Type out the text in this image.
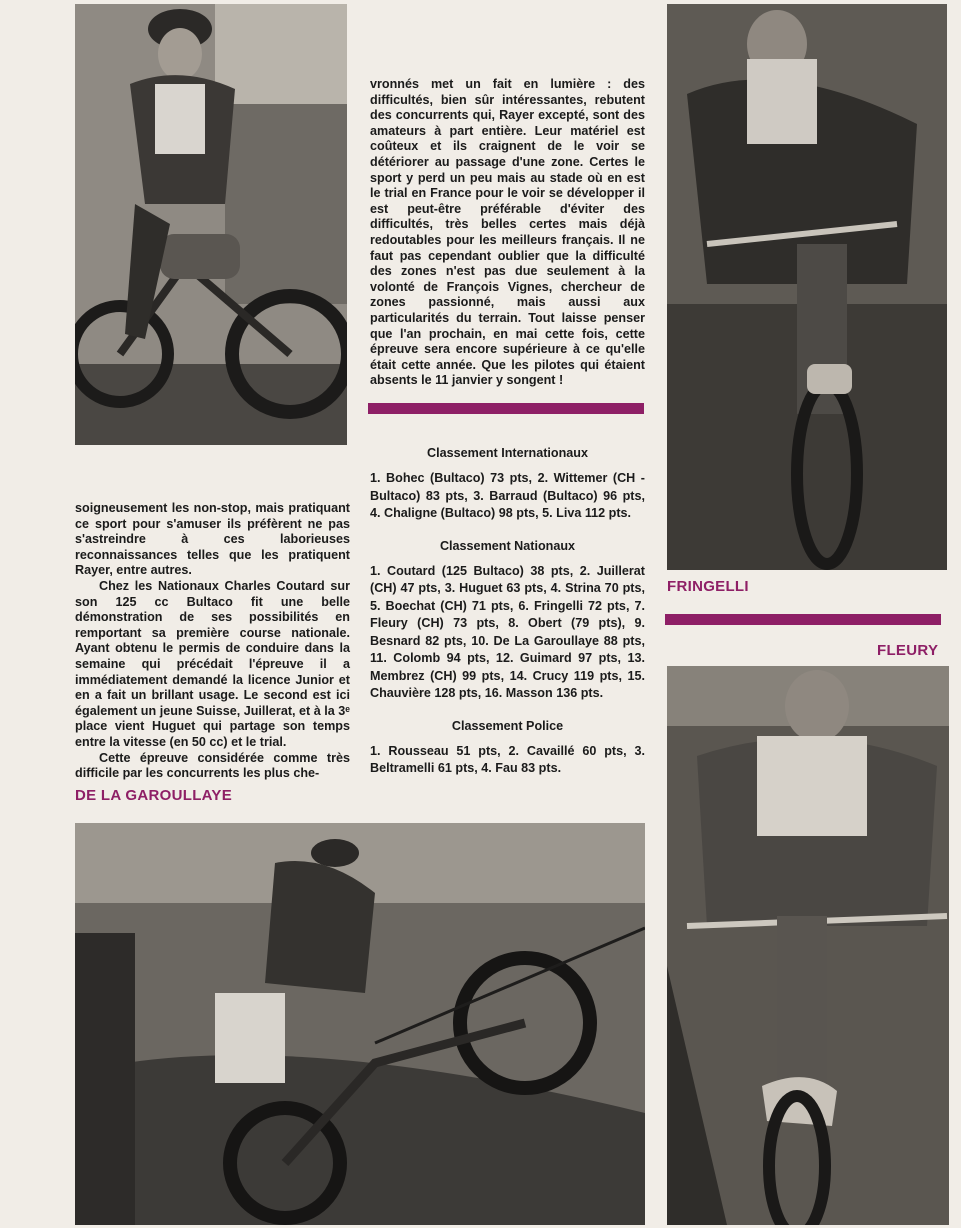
soigneusement les non-stop, mais pratiquant ce sport pour s'amuser ils préfèrent ne pas s'astreindre à ces laborieuses reconnaissances telles que les pratiquent Rayer, entre autres.

Chez les Nationaux Charles Coutard sur son 125 cc Bultaco fit une belle démonstration de ses possibilités en remportant sa première course nationale. Ayant obtenu le permis de conduire dans la semaine qui précédait l'épreuve il a immédiatement demandé la licence Junior et en a fait un brillant usage. Le second est ici également un jeune Suisse, Juillerat, et à la 3ᵉ place vient Huguet qui partage son temps entre la vitesse (en 50 cc) et le trial.

Cette épreuve considérée comme très difficile par les concurrents les plus che-

DE LA GAROULLAYE

vronnés met un fait en lumière : des difficultés, bien sûr intéressantes, rebutent des concurrents qui, Rayer excepté, sont des amateurs à part entière. Leur matériel est coûteux et ils craignent de le voir se détériorer au passage d'une zone. Certes le sport y perd un peu mais au stade où en est le trial en France pour le voir se développer il est peut-être préférable d'éviter des difficultés, très belles certes mais déjà redoutables pour les meilleurs français. Il ne faut pas cependant oublier que la difficulté des zones n'est pas due seulement à la volonté de François Vignes, chercheur de zones passionné, mais aussi aux particularités du terrain. Tout laisse penser que l'an prochain, en mai cette fois, cette épreuve sera encore supérieure à ce qu'elle était cette année. Que les pilotes qui étaient absents le 11 janvier y songent !

Classement Internationaux
1. Bohec (Bultaco) 73 pts, 2. Wittemer (CH - Bultaco) 83 pts, 3. Barraud (Bultaco) 96 pts, 4. Chaligne (Bultaco) 98 pts, 5. Liva 112 pts.
Classement Nationaux
1. Coutard (125 Bultaco) 38 pts, 2. Juillerat (CH) 47 pts, 3. Huguet 63 pts, 4. Strina 70 pts, 5. Boechat (CH) 71 pts, 6. Fringelli 72 pts, 7. Fleury (CH) 73 pts, 8. Obert (79 pts), 9. Besnard 82 pts, 10. De La Garoullaye 88 pts, 11. Colomb 94 pts, 12. Guimard 97 pts, 13. Membrez (CH) 99 pts, 14. Crucy 119 pts, 15. Chauvière 128 pts, 16. Masson 136 pts.
Classement Police
1. Rousseau 51 pts, 2. Cavaillé 60 pts, 3. Beltramelli 61 pts, 4. Fau 83 pts.
FRINGELLI
FLEURY
